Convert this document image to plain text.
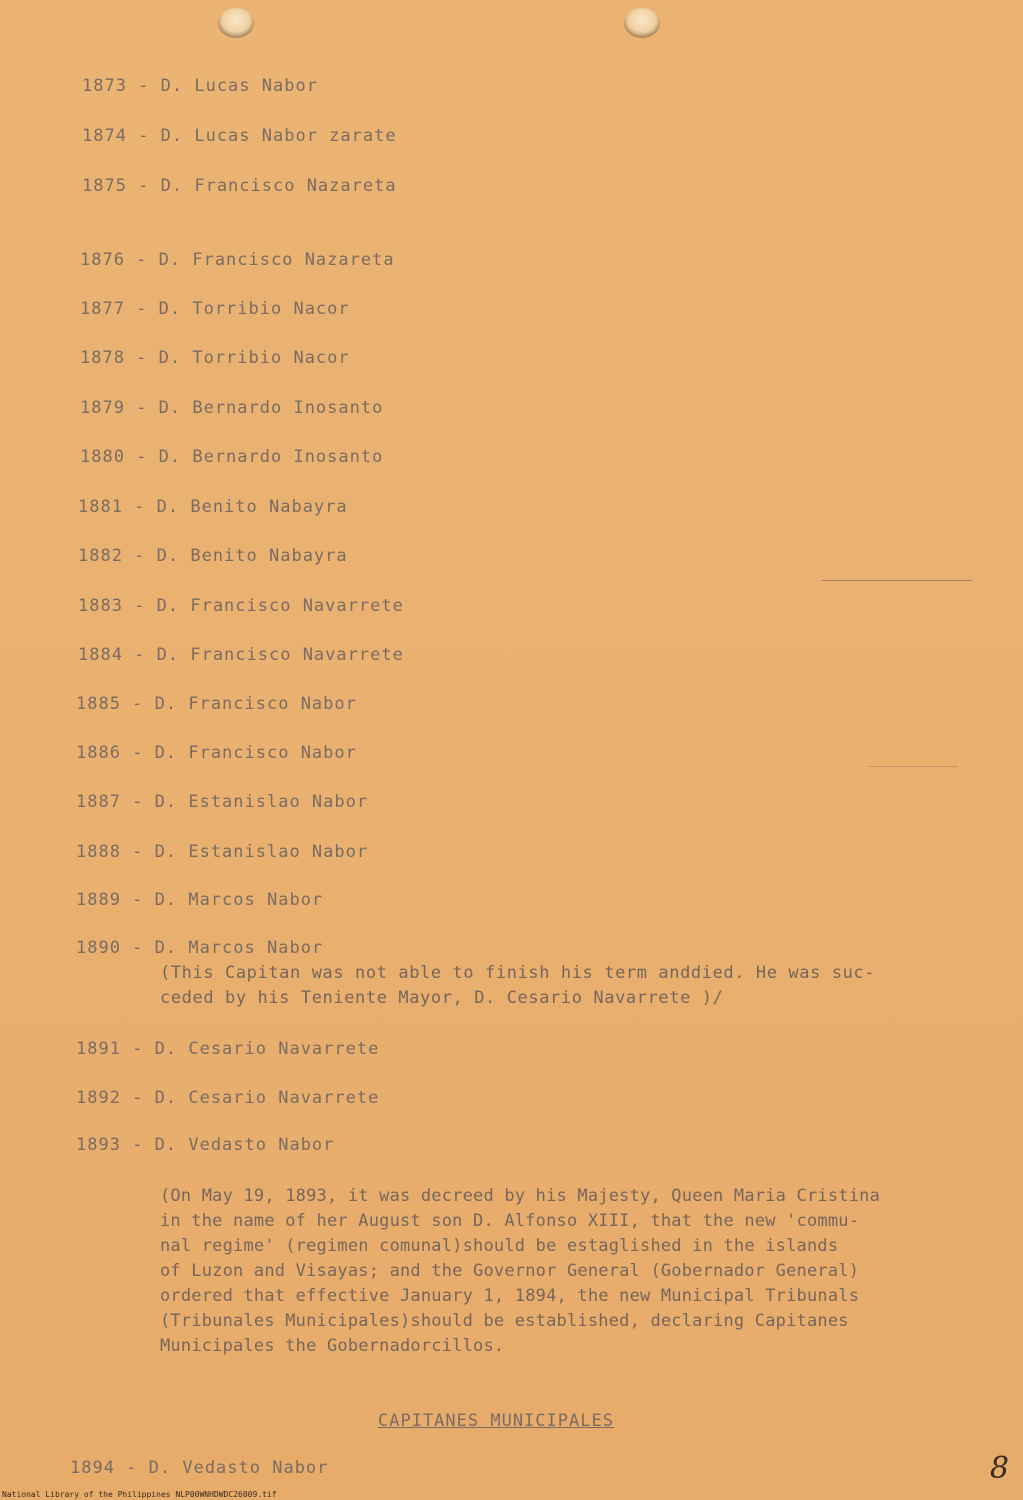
1873 - D. Lucas Nabor
1874 - D. Lucas Nabor zarate
1875 - D. Francisco Nazareta
1876 - D. Francisco Nazareta
1877 - D. Torribio Nacor
1878 - D. Torribio Nacor
1879 - D. Bernardo Inosanto
1880 - D. Bernardo Inosanto
1881 - D. Benito Nabayra
1882 - D. Benito Nabayra
1883 - D. Francisco Navarrete
1884 - D. Francisco Navarrete
1885 - D. Francisco Nabor
1886 - D. Francisco Nabor
1887 - D. Estanislao Nabor
1888 - D. Estanislao Nabor
1889 - D. Marcos Nabor
1890 - D. Marcos Nabor
(This Capitan was not able to finish his term anddied. He was suc-
ceded by his Teniente Mayor, D. Cesario Navarrete )/
1891 - D. Cesario Navarrete
1892 - D. Cesario Navarrete
1893 - D. Vedasto Nabor
(On May 19, 1893, it was decreed by his Majesty, Queen Maria Cristina
in the name of her August son D. Alfonso XIII, that the new 'commu-
nal regime' (regimen comunal)should be estaglished in the islands
of Luzon and Visayas; and the Governor General (Gobernador General)
ordered that effective January 1, 1894, the new Municipal Tribunals
(Tribunales Municipales)should be established, declaring Capitanes
Municipales the Gobernadorcillos.
CAPITANES MUNICIPALES
1894 - D. Vedasto Nabor	8
National Library of the Philippines NLP00WNHDWDC26009.tif
